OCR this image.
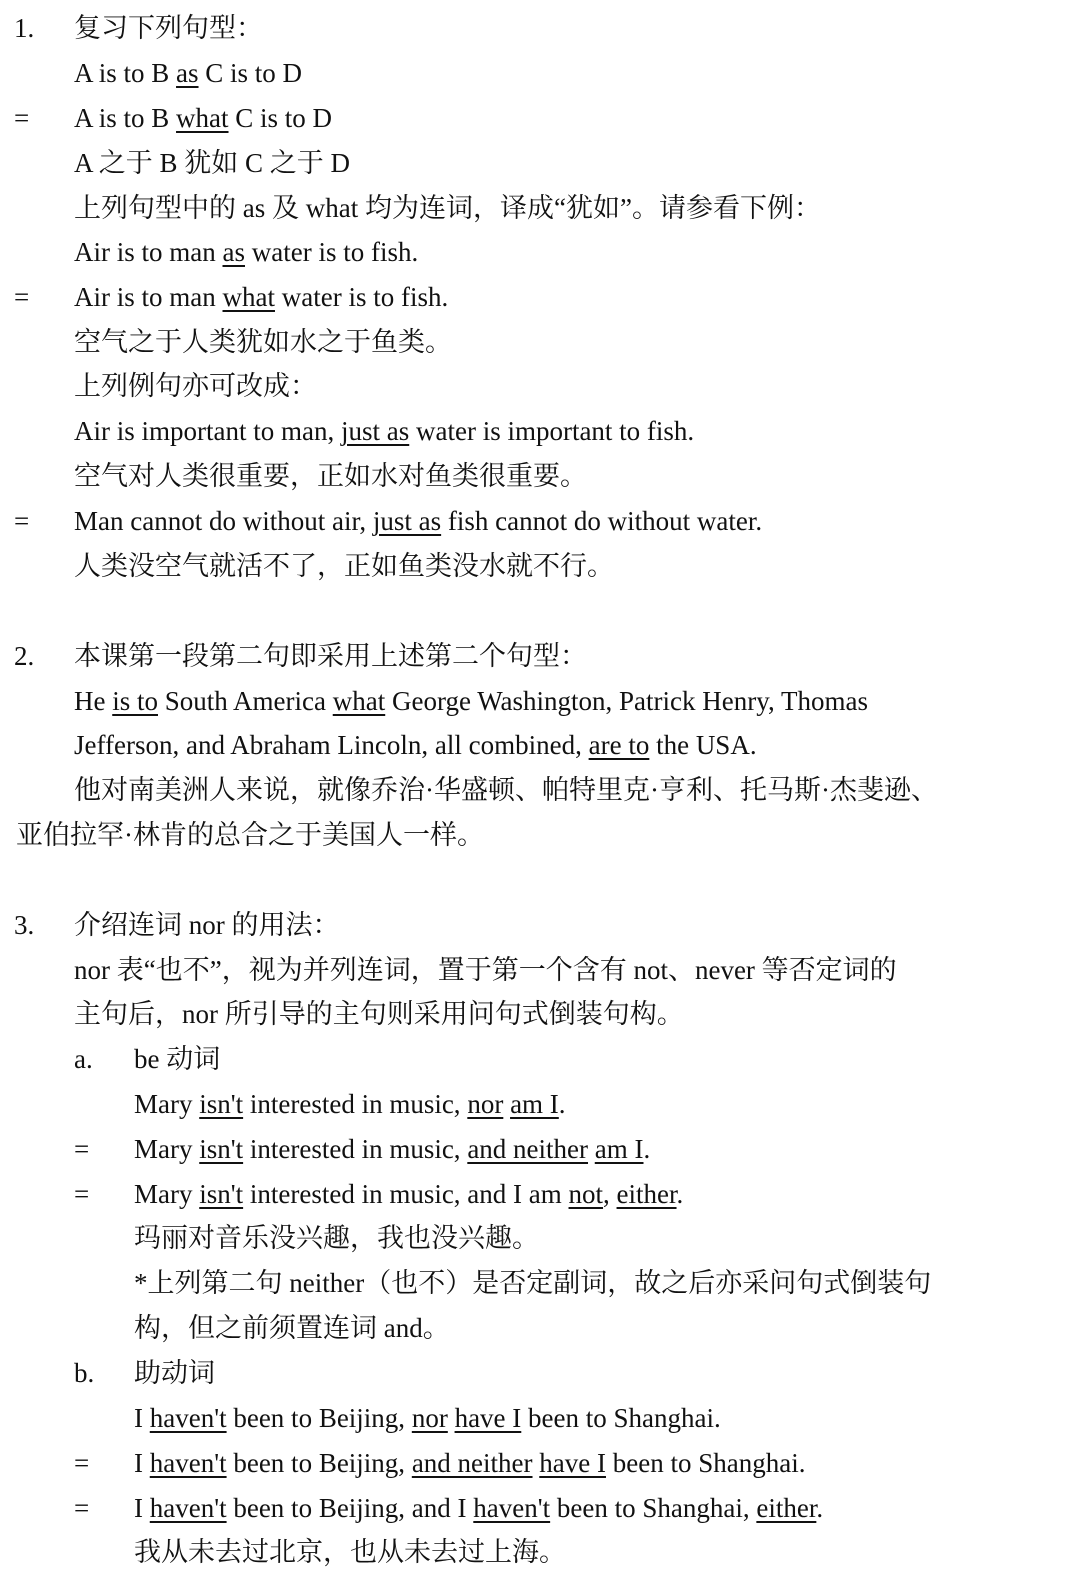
1. 复习下列句型：
A is to B as C is to D
= A is to B what C is to D
A 之于 B 犹如 C 之于 D
上列句型中的 as 及 what 均为连词，译成“犹如”。请参看下例：
Air is to man as water is to fish.
= Air is to man what water is to fish.
空气之于人类犹如水之于鱼类。
上列例句亦可改成：
Air is important to man, just as water is important to fish.
空气对人类很重要，正如水对鱼类很重要。
= Man cannot do without air, just as fish cannot do without water.
人类没空气就活不了，正如鱼类没水就不行。
2. 本课第一段第二句即采用上述第二个句型：
He is to South America what George Washington, Patrick Henry, Thomas
Jefferson, and Abraham Lincoln, all combined, are to the USA.
他对南美洲人来说，就像乔治·华盛顿、帕特里克·亨利、托马斯·杰斐逊、
亚伯拉罕·林肯的总合之于美国人一样。
3. 介绍连词 nor 的用法：
nor 表“也不”，视为并列连词，置于第一个含有 not、never 等否定词的
主句后，nor 所引导的主句则采用问句式倒装句构。
a. be 动词
Mary isn't interested in music, nor am I.
= Mary isn't interested in music, and neither am I.
= Mary isn't interested in music, and I am not, either.
玛丽对音乐没兴趣，我也没兴趣。
*上列第二句 neither（也不）是否定副词，故之后亦采问句式倒装句
构，但之前须置连词 and。
b. 助动词
I haven't been to Beijing, nor have I been to Shanghai.
= I haven't been to Beijing, and neither have I been to Shanghai.
= I haven't been to Beijing, and I haven't been to Shanghai, either.
我从未去过北京，也从未去过上海。
